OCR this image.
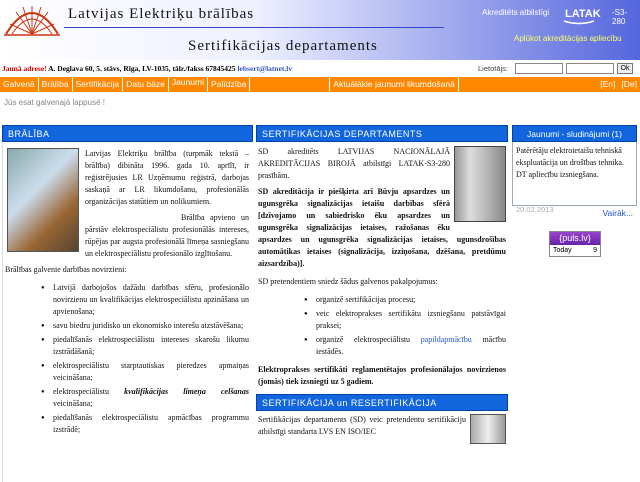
Latvijas Elektriķu brālības
Sertifikācijas departaments
Akreditēts atbilstīgi LATAK -S3-280
Aplūkot akreditācijas apliecību
Jaunā adrese! A. Deglava 60, 5. stāvs, Rīga, LV-1035, tālr./fakss 67845425 lebsert@latnet.lv	Lietotājs:	Ok
Galvenā Brālība Sertifikācija Datu bāze Jaunumi Palīdzība	Aktuālākie jaunumi likumdošanā	[En] [De]
Jūs esat galvenajā lappusē !
BRĀLĪBA

Latvijas Elektriķu brālība (turpmāk tekstā – brālība) dibināta 1996. gada 10. aprīlī, ir reģistrējusies LR Uzņēmumu reģistrā, darbojas saskaņā ar LR likumdošanu, profesionālās organizācijas statūtiem un nolikumiem.

Brālība apvieno un pārstāv elektrospeciālistu profesionālās intereses, rūpējas par augsta profesionālā līmeņa sasniegšanu un elektrospeciālistu profesionālo izglītošanu.

Brālības galvenie darbības novirzieni:

● Latvijā darbojošos dažādu darbības sfēru, profesionālo novirzienu un kvalifikācijas elektrospeciālistu apzināšana un apvienošana;
● savu biedru juridisko un ekonomisko interešu aizstāvēšana;
● piedalīšanās elektrospeciālistu intereses skarošu likumu izstrādāšanā;
● elektrospeciālistu starptautiskas pieredzes apmaiņas veicināšana;
● elektrospeciālistu kvalifikācijas līmeņa celšanas veicināšana;
● piedalīšanās elektrospeciālistu apmācības programmu izstrādē;
SERTIFIKĀCIJAS DEPARTAMENTS

SD akreditēts LATVIJAS NACIONĀLAJĀ AKREDITĀCIJAS BIROJĀ atbilstīgi LATAK-S3-280 prasībām.

SD akreditācija ir piešķirta arī Būvju apsardzes un ugunsgrēka signalizācijas ietaišu darbības sfērā [dzīvojamo un sabiedrisko ēku apsardzes un ugunsgrēka signalizācijas ietaises, ražošanas ēku apsardzes un ugunsgrēka signalizācijas ietaises, ugunsdrošības automātikas ietaises (signalizācija, izziņošana, dzēšana, pretdūmu aizsardzība)].

SD pretendentiem sniedz šādus galvenos pakalpojumus:

● organizē sertifikācijas procesu;
● veic elektroprakses sertifikātu izsniegšanu patstāvīgai praksei;
● organizē elektrospeciālistu papildapmācību mācību iestādēs.

Elektroprakses sertifikāti reglamentētajos profesionālajos novirzienos (jomās) tiek izsniegti uz 5 gadiem.

SERTIFIKĀCIJA un RESERTIFIKĀCIJA

Sertifikācijas departaments (SD) veic pretendentu sertifikāciju atbilstīgi standarta LVS EN ISO/IEC

Jaunumi - sludinājumi (1)

Patērētāju elektroietaišu tehniskā ekspluatācija un drošības tehnika. DT apliecību izsniegšana.

20.02.2013	Vairāk...
{puls.lv}
Today	9
